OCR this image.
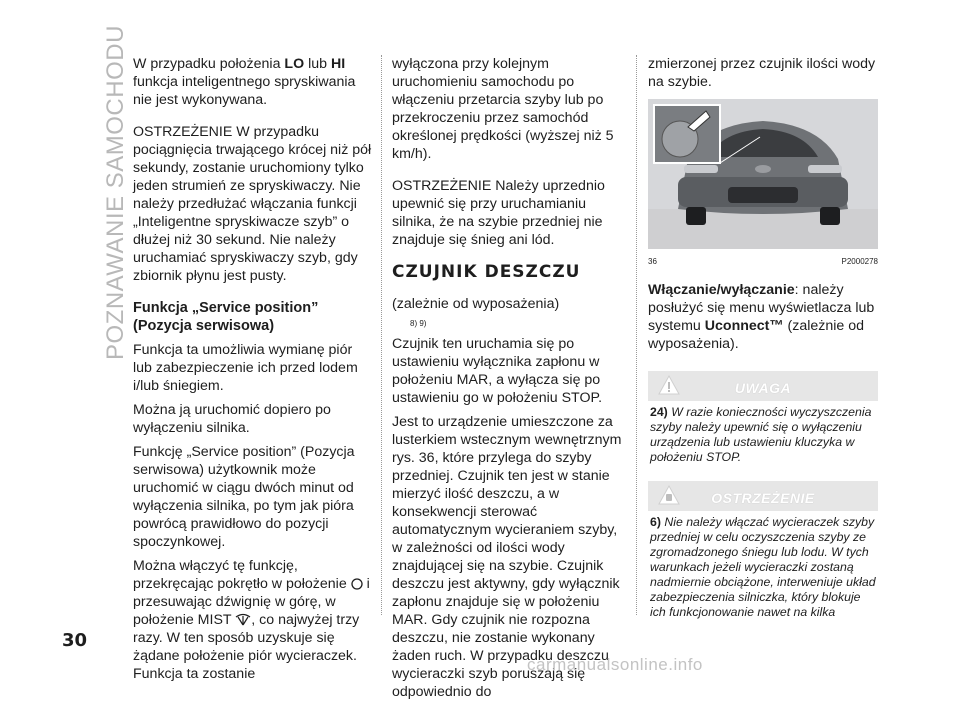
POZNAWANIE SAMOCHODU W przypadku położenia LO lub HI funkcja inteligentnego spryskiwania nie jest wykonywana.

OSTRZEŻENIE W przypadku pociągnięcia trwającego krócej niż pół sekundy, zostanie uruchomiony tylko jeden strumień ze spryskiwaczy. Nie należy przedłużać włączania funkcji „Inteligentne spryskiwacze szyb” o dłużej niż 30 sekund. Nie należy uruchamiać spryskiwaczy szyb, gdy zbiornik płynu jest pusty.

Funkcja „Service position” (Pozycja serwisowa)

Funkcja ta umożliwia wymianę piór lub zabezpieczenie ich przed lodem i/lub śniegiem.

Można ją uruchomić dopiero po wyłączeniu silnika.

Funkcję „Service position” (Pozycja serwisowa) użytkownik może uruchomić w ciągu dwóch minut od wyłączenia silnika, po tym jak pióra powrócą prawidłowo do pozycji spoczynkowej.

Można włączyć tę funkcję, przekręcając pokrętło w położenie  i przesuwając dźwignię w górę, w położenie MIST , co najwyżej trzy razy. W ten sposób uzyskuje się żądane położenie piór wycieraczek. Funkcja ta zostanie

wyłączona przy kolejnym uruchomieniu samochodu po włączeniu przetarcia szyby lub po przekroczeniu przez samochód określonej prędkości (wyższej niż 5 km/h).

OSTRZEŻENIE Należy uprzednio upewnić się przy uruchamianiu silnika, że na szybie przedniej nie znajduje się śnieg ani lód.

CZUJNIK DESZCZU

(zależnie od wyposażenia)

8) 9)

Czujnik ten uruchamia się po ustawieniu wyłącznika zapłonu w położeniu MAR, a wyłącza się po ustawieniu go w położeniu STOP.

Jest to urządzenie umieszczone za lusterkiem wstecznym wewnętrznym rys. 36, które przylega do szyby przedniej. Czujnik ten jest w stanie mierzyć ilość deszczu, a w konsekwencji sterować automatycznym wycieraniem szyby, w zależności od ilości wody znajdującej się na szybie. Czujnik deszczu jest aktywny, gdy wyłącznik zapłonu znajduje się w położeniu MAR. Gdy czujnik nie rozpozna deszczu, nie zostanie wykonany żaden ruch. W przypadku deszczu wycieraczki szyb poruszają się odpowiednio do

zmierzonej przez czujnik ilości wody na szybie.

36	P2000278

Włączanie/wyłączanie: należy posłużyć się menu wyświetlacza lub systemu Uconnect™ (zależnie od wyposażenia).

UWAGA
24) W razie konieczności wyczyszczenia szyby należy upewnić się o wyłączeniu urządzenia lub ustawieniu kluczyka w położeniu STOP.
OSTRZEŻENIE
6) Nie należy włączać wycieraczek szyby przedniej w celu oczyszczenia szyby ze zgromadzonego śniegu lub lodu. W tych warunkach jeżeli wycieraczki zostaną nadmiernie obciążone, interweniuje układ zabezpieczenia silniczka, który blokuje ich funkcjonowanie nawet na kilka
30
carmanualsonline.info
